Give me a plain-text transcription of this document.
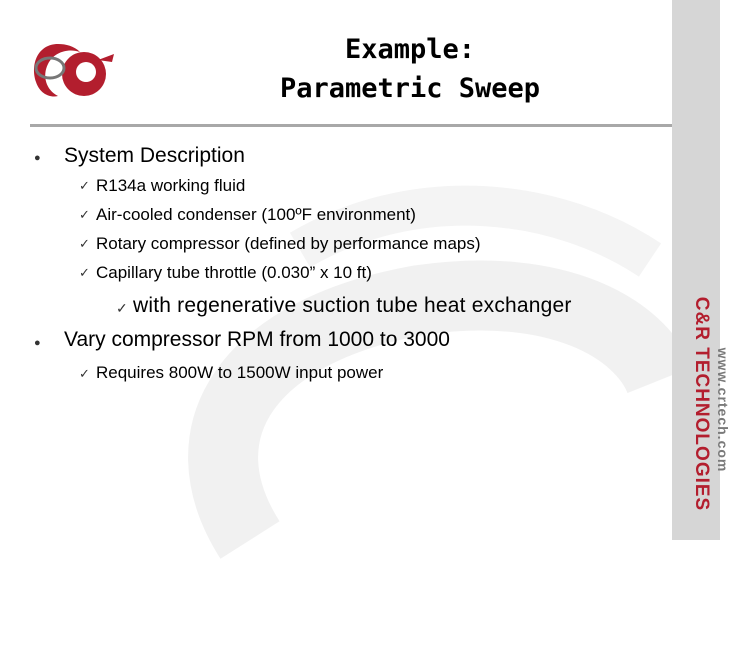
Example:
Parametric Sweep
C&R TECHNOLOGIES www.crtech.com
● System Description
✓ R134a working fluid
✓ Air-cooled condenser (100ºF environment)
✓ Rotary compressor (defined by performance maps)
✓ Capillary tube throttle (0.030” x 10 ft)
✓ with regenerative suction tube heat exchanger
● Vary compressor RPM from 1000 to 3000
✓ Requires 800W to 1500W input power
